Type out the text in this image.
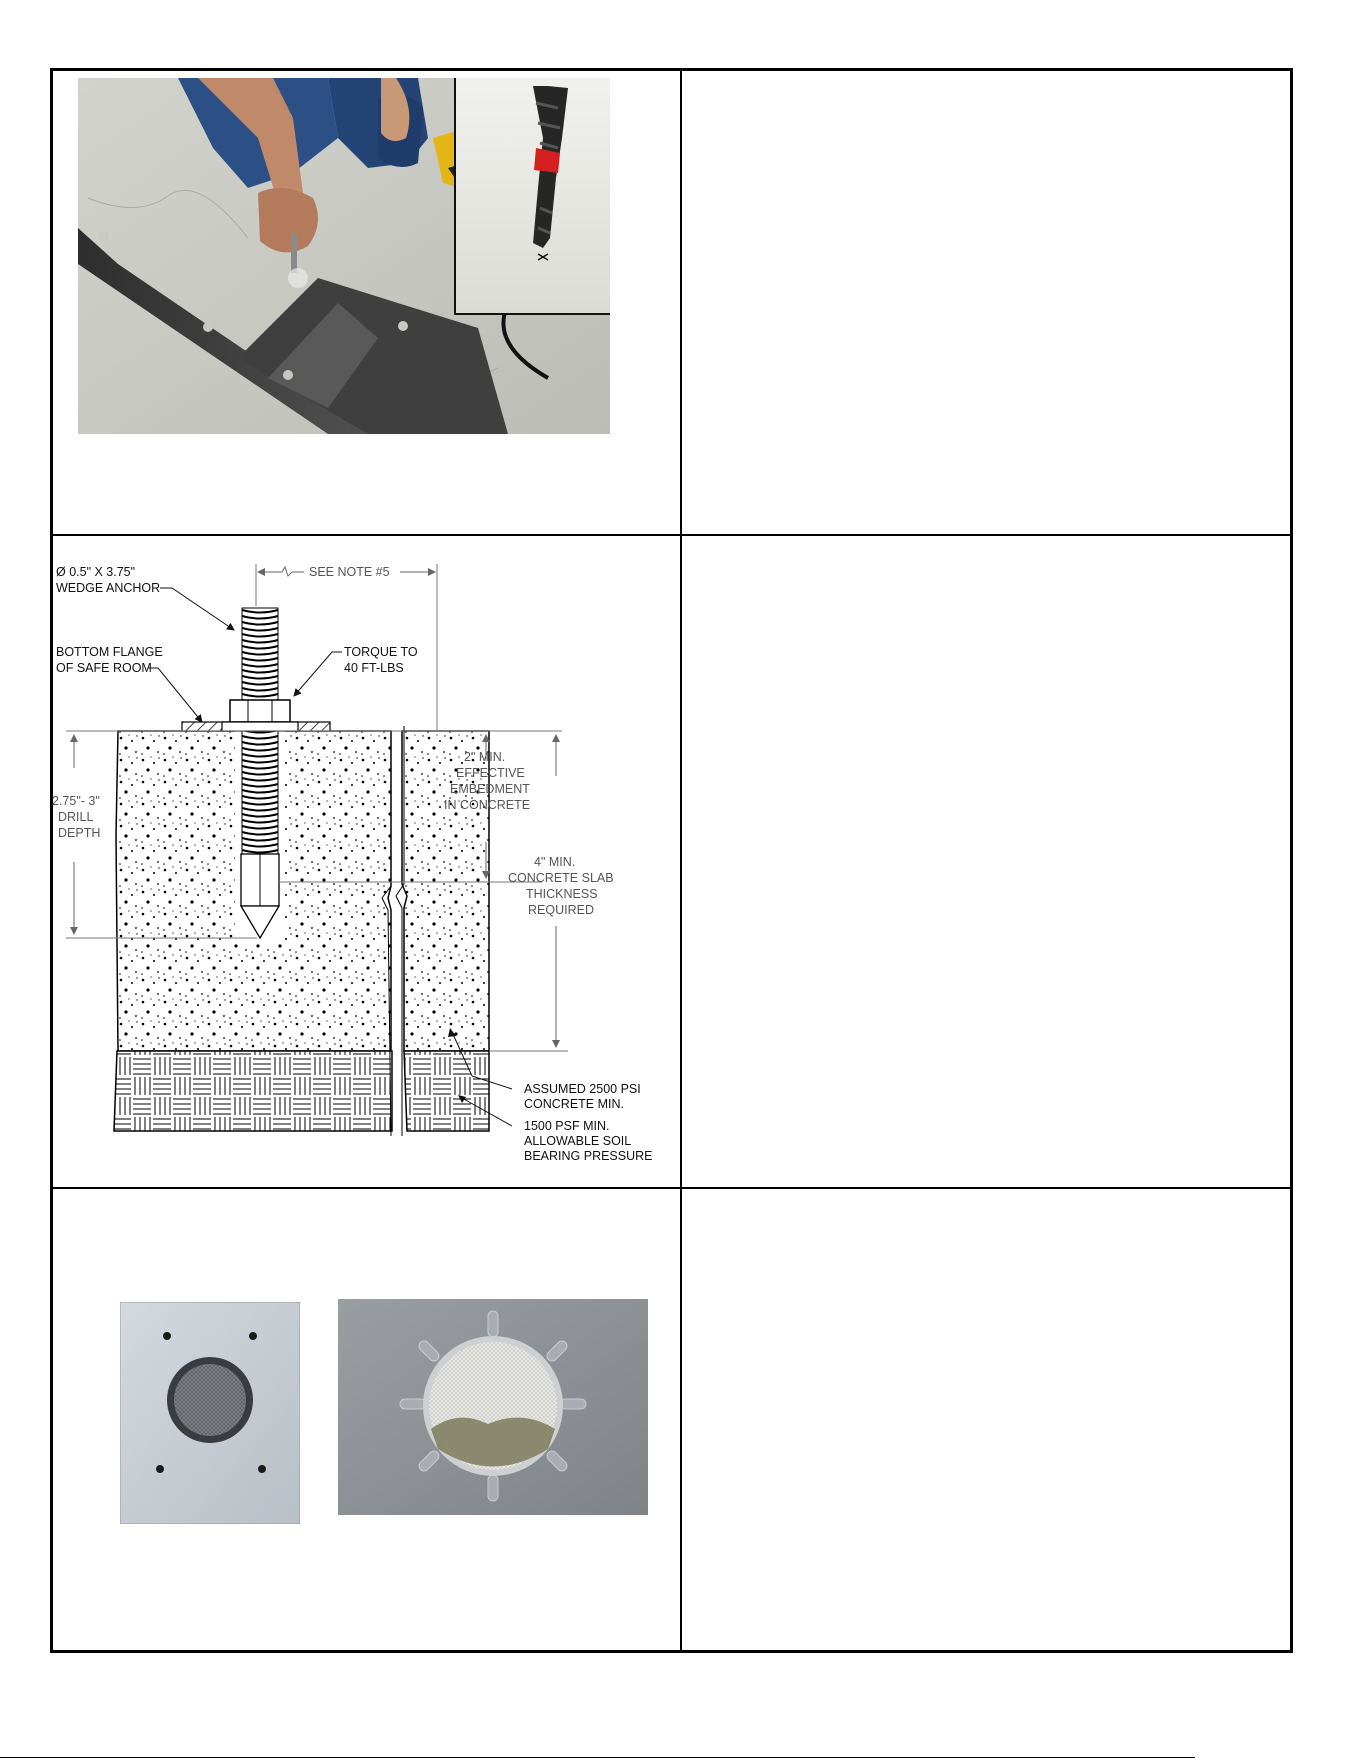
SEE NOTE #5
Ø 0.5" X 3.75"
WEDGE ANCHOR
BOTTOM FLANGE
OF SAFE ROOM
TORQUE TO
40 FT-LBS
2.75"- 3"
DRILL
DEPTH
2" MIN.
EFFECTIVE
EMBEDMENT
IN CONCRETE
4" MIN.
CONCRETE SLAB
THICKNESS
REQUIRED
ASSUMED 2500 PSI
CONCRETE MIN.
1500 PSF MIN.
ALLOWABLE SOIL
BEARING PRESSURE
